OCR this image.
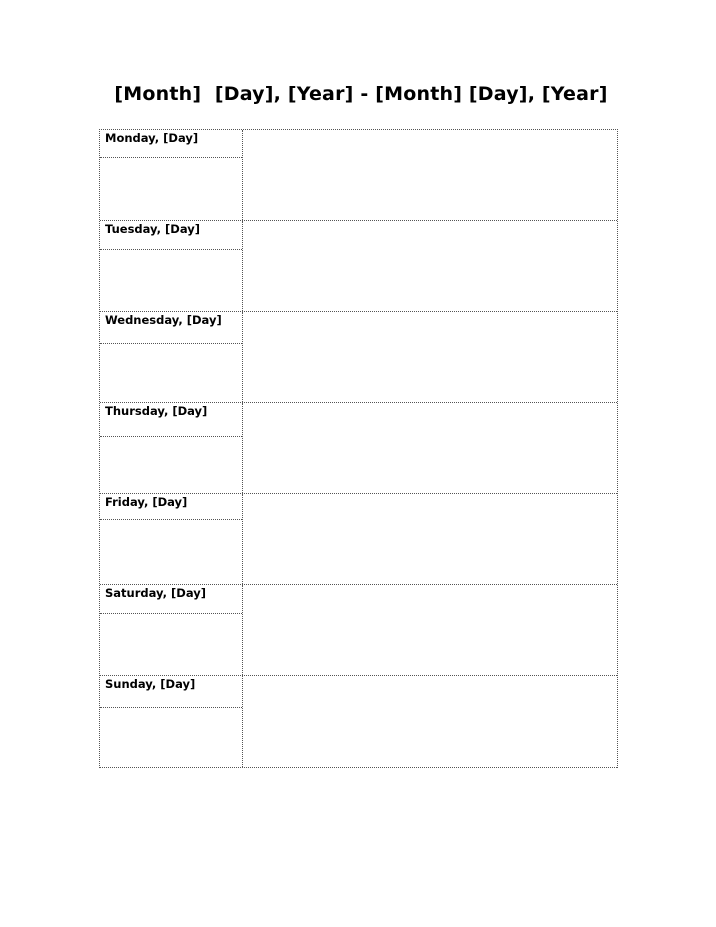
[Month]  [Day], [Year] - [Month] [Day], [Year]
Monday, [Day]
Tuesday, [Day]
Wednesday, [Day]
Thursday, [Day]
Friday, [Day]
Saturday, [Day]
Sunday, [Day]
